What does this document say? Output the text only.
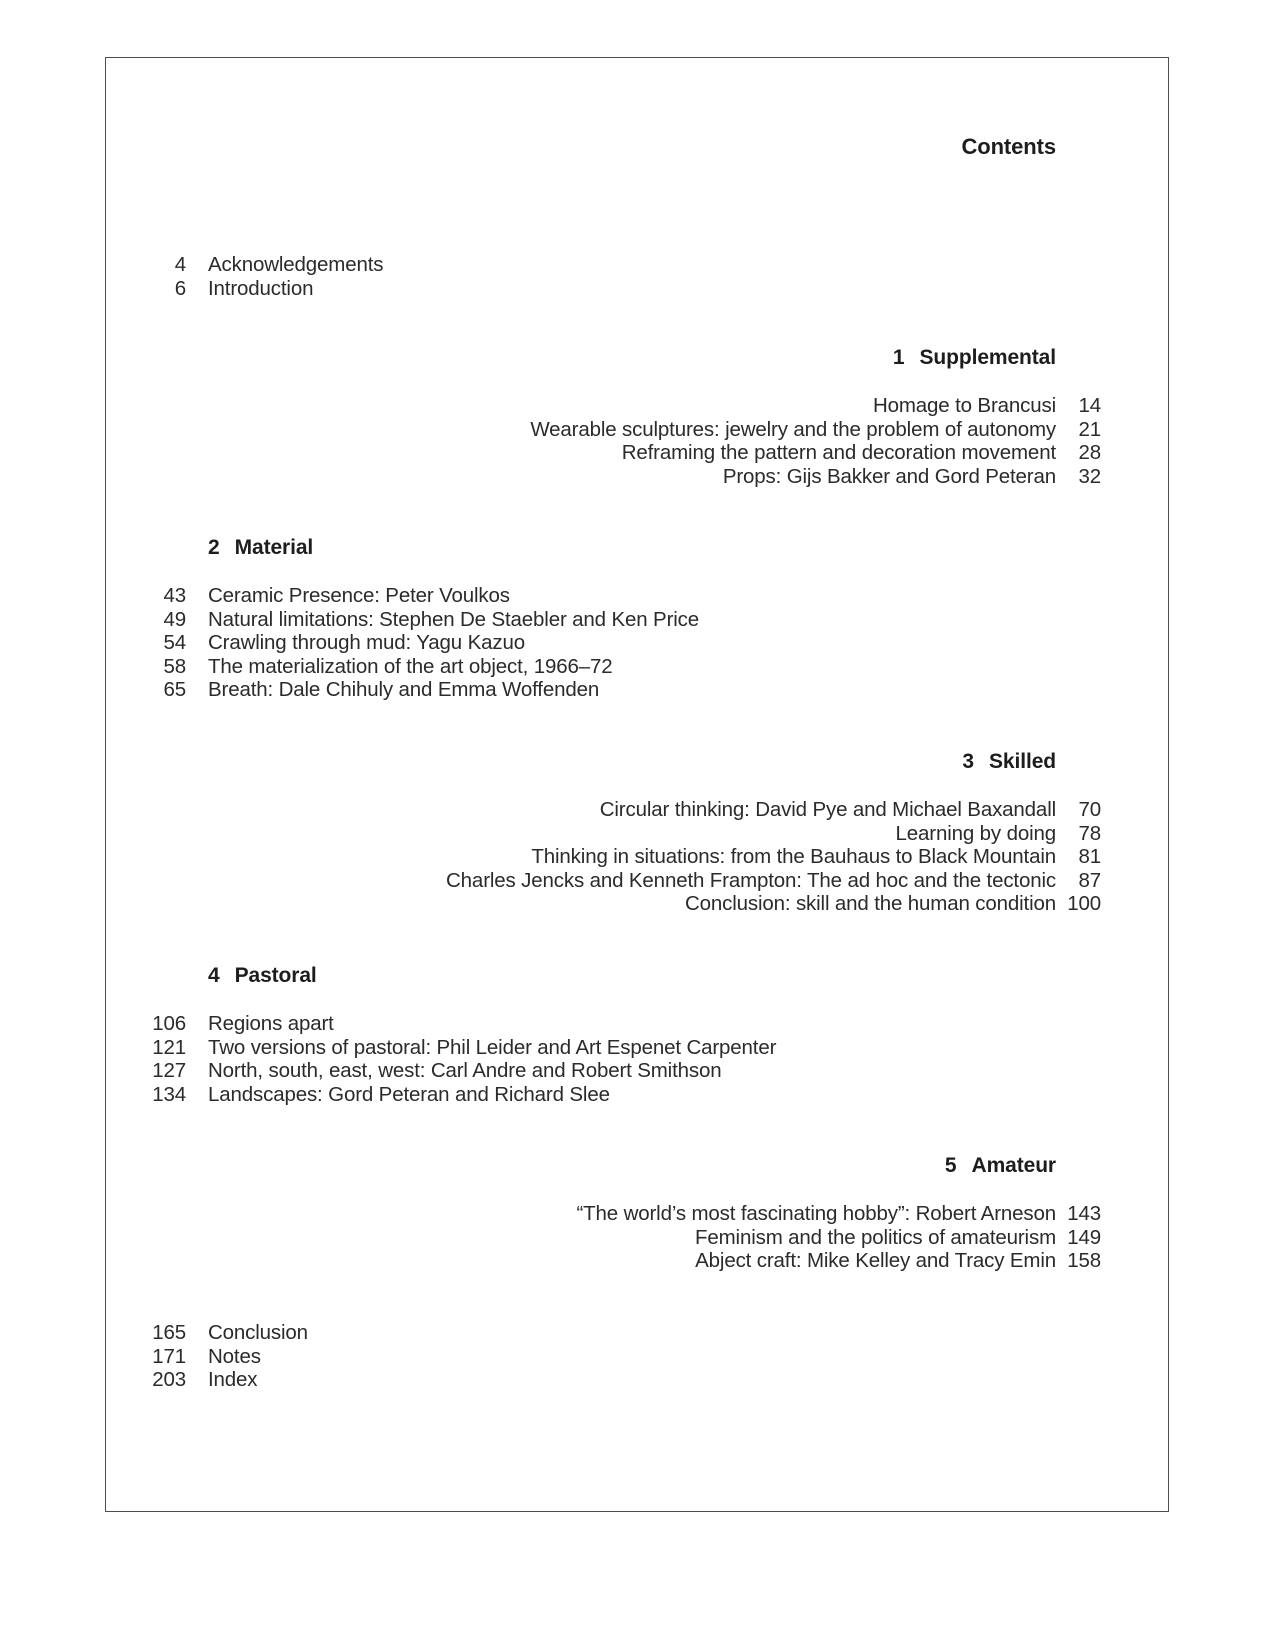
Contents
4 Acknowledgements
6 Introduction
1 Supplemental
Homage to Brancusi	14
Wearable sculptures: jewelry and the problem of autonomy	21
Reframing the pattern and decoration movement	28
Props: Gijs Bakker and Gord Peteran	32
2 Material
43 Ceramic Presence: Peter Voulkos
49 Natural limitations: Stephen De Staebler and Ken Price
54 Crawling through mud: Yagu Kazuo
58 The materialization of the art object, 1966–72
65 Breath: Dale Chihuly and Emma Woffenden
3 Skilled
Circular thinking: David Pye and Michael Baxandall	70
Learning by doing	78
Thinking in situations: from the Bauhaus to Black Mountain	81
Charles Jencks and Kenneth Frampton: The ad hoc and the tectonic	87
Conclusion: skill and the human condition 100
4 Pastoral
106 Regions apart
121 Two versions of pastoral: Phil Leider and Art Espenet Carpenter
127 North, south, east, west: Carl Andre and Robert Smithson
134 Landscapes: Gord Peteran and Richard Slee
5 Amateur
“The world’s most fascinating hobby”: Robert Arneson 143
Feminism and the politics of amateurism 149
Abject craft: Mike Kelley and Tracy Emin 158
165 Conclusion
171 Notes
203 Index
